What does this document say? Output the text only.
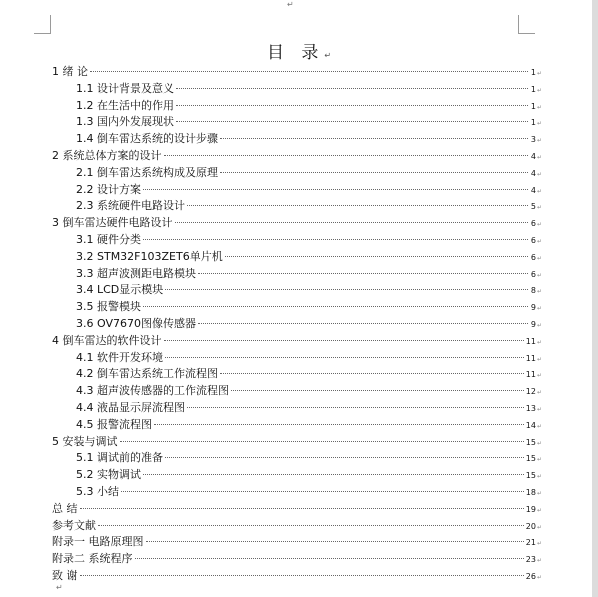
↵
目 录↵
1 绪 论	1 ↵
1.1 设计背景及意义	1 ↵
1.2 在生活中的作用	1 ↵
1.3 国内外发展现状	1 ↵
1.4 倒车雷达系统的设计步骤	3 ↵
2 系统总体方案的设计	4 ↵
2.1 倒车雷达系统构成及原理	4 ↵
2.2 设计方案	4 ↵
2.3 系统硬件电路设计	5 ↵
3 倒车雷达硬件电路设计	6 ↵
3.1 硬件分类	6 ↵
3.2 STM32F103ZET6单片机	6 ↵
3.3 超声波测距电路模块	6 ↵
3.4 LCD显示模块	8 ↵
3.5 报警模块	9 ↵
3.6 OV7670图像传感器	9 ↵
4 倒车雷达的软件设计	11 ↵
4.1 软件开发环境	11 ↵
4.2 倒车雷达系统工作流程图	11 ↵
4.3 超声波传感器的工作流程图	12 ↵
4.4 液晶显示屏流程图	13 ↵
4.5 报警流程图	14 ↵
5 安装与调试	15 ↵
5.1 调试前的准备	15 ↵
5.2 实物调试	15 ↵
5.3 小结	18 ↵
总 结	19 ↵
参考文献	20 ↵
附录一 电路原理图	21 ↵
附录二 系统程序	23 ↵
致 谢	26 ↵
↵
